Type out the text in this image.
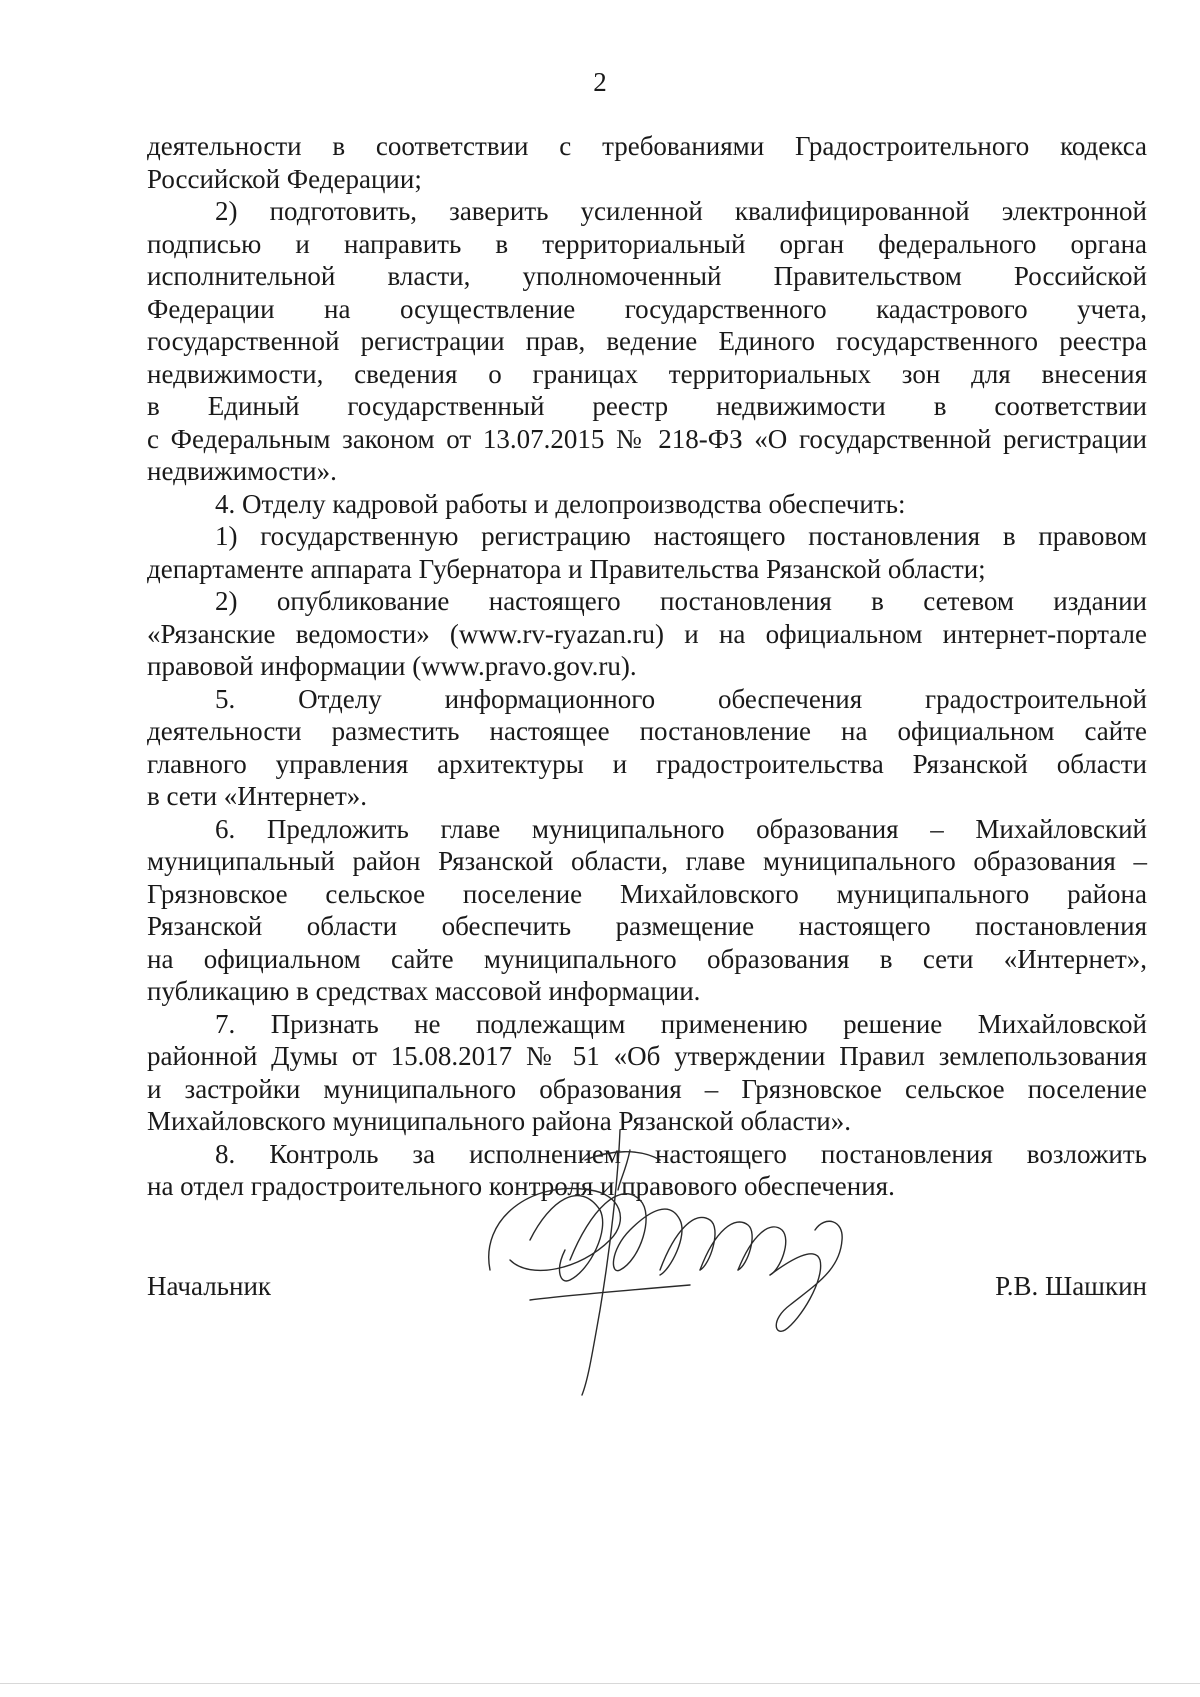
2

деятельности в соответствии с требованиями Градостроительного кодекса

Российской Федерации;

2) подготовить, заверить усиленной квалифицированной электронной

подписью и направить в территориальный орган федерального органа

исполнительной власти, уполномоченный Правительством Российской

Федерации на осуществление государственного кадастрового учета,

государственной регистрации прав, ведение Единого государственного реестра

недвижимости, сведения о границах территориальных зон для внесения

в Единый государственный реестр недвижимости в соответствии

с Федеральным законом от 13.07.2015 № 218-ФЗ «О государственной регистрации

недвижимости».

4. Отделу кадровой работы и делопроизводства обеспечить:

1) государственную регистрацию настоящего постановления в правовом

департаменте аппарата Губернатора и Правительства Рязанской области;

2) опубликование настоящего постановления в сетевом издании

«Рязанские ведомости» (www.rv-ryazan.ru) и на официальном интернет-портале

правовой информации (www.pravo.gov.ru).

5. Отделу информационного обеспечения градостроительной

деятельности разместить настоящее постановление на официальном сайте

главного управления архитектуры и градостроительства Рязанской области

в сети «Интернет».

6. Предложить главе муниципального образования – Михайловский

муниципальный район Рязанской области, главе муниципального образования –

Грязновское сельское поселение Михайловского муниципального района

Рязанской области обеспечить размещение настоящего постановления

на официальном сайте муниципального образования в сети «Интернет»,

публикацию в средствах массовой информации.

7. Признать не подлежащим применению решение Михайловской

районной Думы от 15.08.2017 № 51 «Об утверждении Правил землепользования

и застройки муниципального образования – Грязновское сельское поселение

Михайловского муниципального района Рязанской области».

8. Контроль за исполнением настоящего постановления возложить

на отдел градостроительного контроля и правового обеспечения.

Начальник	Р.В. Шашкин
